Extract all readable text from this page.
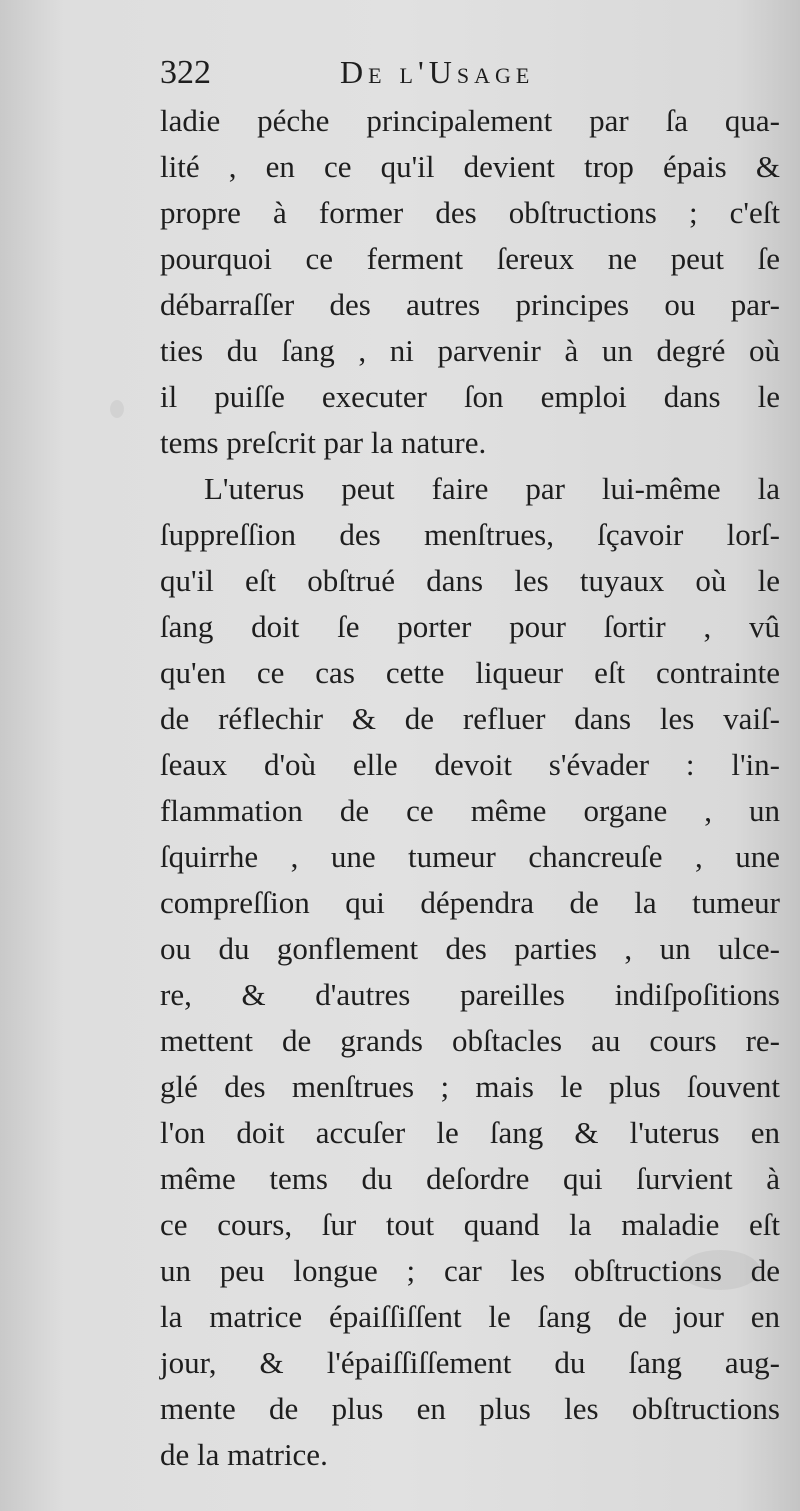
322	De l'Usage
ladie péche principalement par ſa qua-
lité , en ce qu'il devient trop épais &
propre à former des obſtructions ; c'eſt
pourquoi ce ferment ſereux ne peut ſe
débarraſſer des autres principes ou par-
ties du ſang , ni parvenir à un degré où
il puiſſe executer ſon emploi dans le
tems preſcrit par la nature.
L'uterus peut faire par lui-même la
ſuppreſſion des menſtrues, ſçavoir lorſ-
qu'il eſt obſtrué dans les tuyaux où le
ſang doit ſe porter pour ſortir , vû
qu'en ce cas cette liqueur eſt contrainte
de réflechir & de refluer dans les vaiſ-
ſeaux d'où elle devoit s'évader : l'in-
flammation de ce même organe , un
ſquirrhe , une tumeur chancreuſe , une
compreſſion qui dépendra de la tumeur
ou du gonflement des parties , un ulce-
re, & d'autres pareilles indiſpoſitions
mettent de grands obſtacles au cours re-
glé des menſtrues ; mais le plus ſouvent
l'on doit accuſer le ſang & l'uterus en
même tems du deſordre qui ſurvient à
ce cours, ſur tout quand la maladie eſt
un peu longue ; car les obſtructions de
la matrice épaiſſiſſent le ſang de jour en
jour, & l'épaiſſiſſement du ſang aug-
mente de plus en plus les obſtructions
de la matrice.
